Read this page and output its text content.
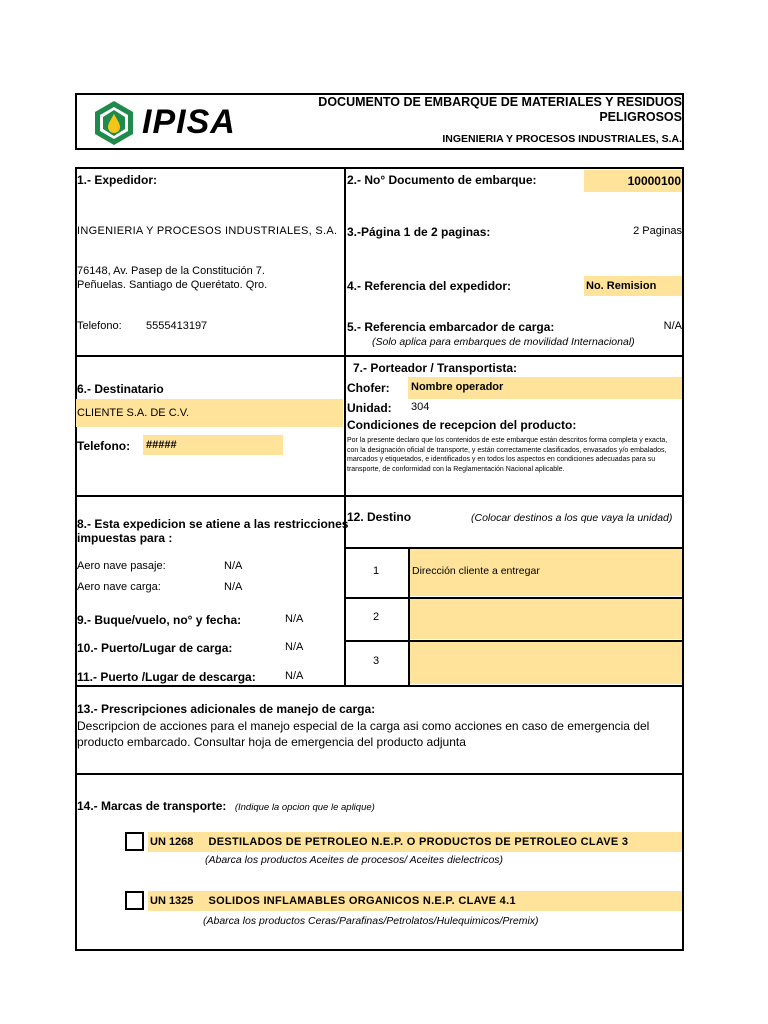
IPISA
DOCUMENTO DE EMBARQUE DE MATERIALES Y RESIDUOS
PELIGROSOS
INGENIERIA Y PROCESOS INDUSTRIALES, S.A.
1.- Expedidor:
INGENIERIA Y PROCESOS INDUSTRIALES, S.A.
76148, Av. Pasep de la Constitución 7.
Peñuelas. Santiago de Querétato. Qro.
Telefono: 5555413197
2.- No° Documento de embarque:	10000100
3.-Página 1 de 2 paginas:	2 Paginas
4.- Referencia del expedidor:	No. Remision
5.- Referencia embarcador de carga:	N/A
(Solo aplica para embarques de movilidad Internacional)
6.- Destinatario
CLIENTE S.A. DE C.V.
Telefono: #####
7.- Porteador / Transportista:
Chofer: Nombre operador
Unidad: 304
Condiciones de recepcion del producto:
Por la presente declaro que los contenidos de este embarque están descritos forma completa y exacta, con la designación oficial de transporte, y están correctamente clasificados, envasados y/o embalados, marcados y etiquetados, e identificados y en todos los aspectos en condiciones adecuadas para su transporte, de conformidad con la Reglamentación Nacional aplicable.
8.- Esta expedicion se atiene a las restricciones
impuestas para :
Aero nave pasaje:	N/A
Aero nave carga:	N/A
9.- Buque/vuelo, no° y fecha:	N/A
10.- Puerto/Lugar de carga:	N/A
11.- Puerto /Lugar de descarga:	N/A
12. Destino	(Colocar destinos a los que vaya la unidad)
1	Dirección cliente a entregar
2
3
13.- Prescripciones adicionales de manejo de carga:
Descripcion de acciones para el manejo especial de la carga asi como acciones en caso de emergencia del
producto embarcado. Consultar hoja de emergencia del producto adjunta
14.- Marcas de transporte: (Indique la opcion que le aplique)
UN 1268 DESTILADOS DE PETROLEO N.E.P. O PRODUCTOS DE PETROLEO CLAVE 3
(Abarca los productos Aceites de procesos/ Aceites dielectricos)
UN 1325 SOLIDOS INFLAMABLES ORGANICOS N.E.P. CLAVE 4.1
(Abarca los productos Ceras/Parafinas/Petrolatos/Hulequimicos/Premix)
